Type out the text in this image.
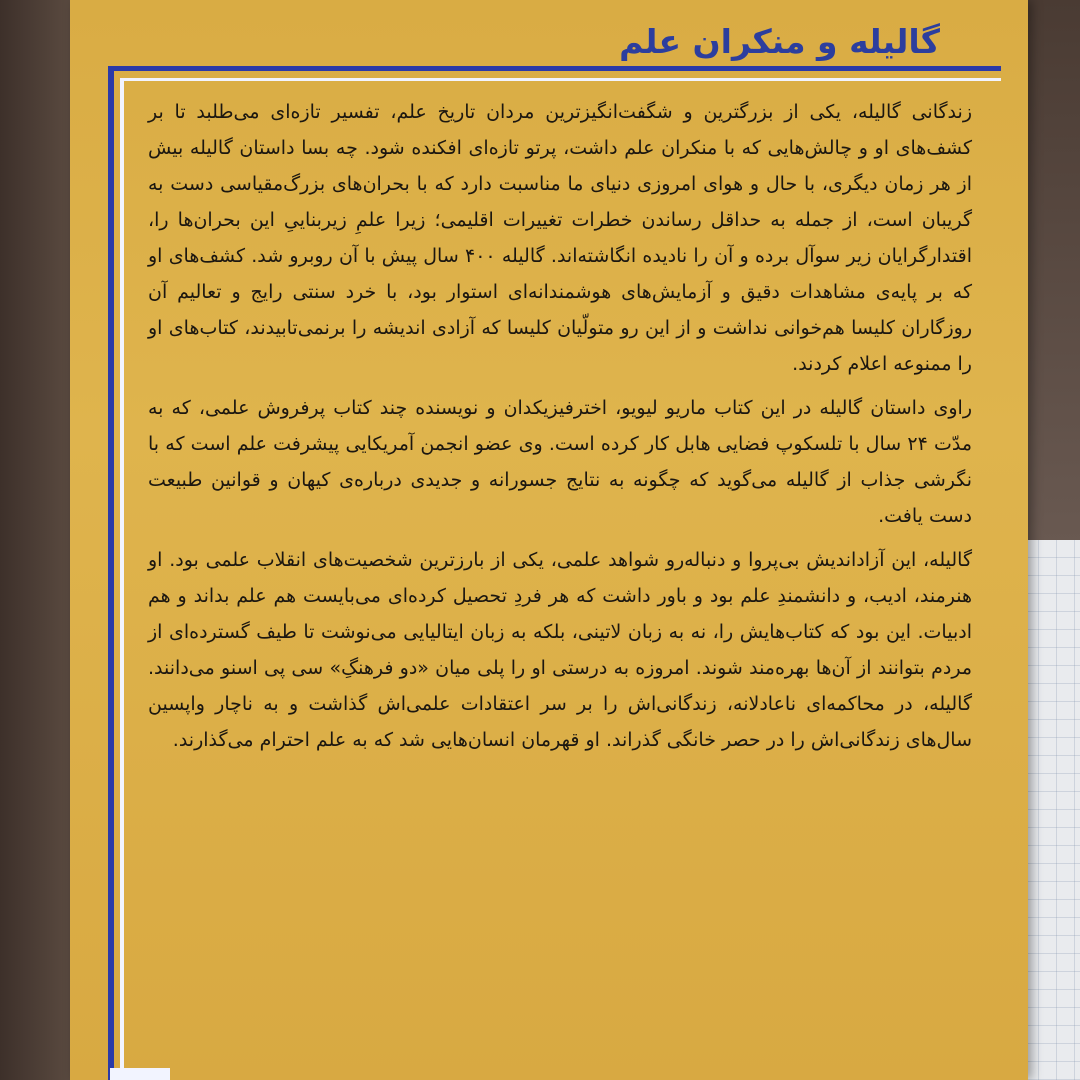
گالیله و منکران علم

زندگانی گالیله، یکی از بزرگترین و شگفت‌انگیزترین مردان تاریخ علم، تفسیر تازه‌ای می‌طلبد تا بر کشف‌های او و چالش‌هایی که با منکران علم داشت، پرتو تازه‌ای افکنده شود. چه بسا داستان گالیله بیش از هر زمان دیگری، با حال و هوای امروزی دنیای ما مناسبت دارد که با بحران‌های بزرگ‌مقیاسی دست به گریبان است، از جمله به حداقل رساندن خطرات تغییرات اقلیمی؛ زیرا علمِ زیربناییِ این بحران‌ها را، اقتدارگرایان زیر سوآل برده و آن را نادیده انگاشته‌اند. گالیله ۴۰۰ سال پیش با آن روبرو شد. کشف‌های او که بر پایه‌ی مشاهدات دقیق و آزمایش‌های هوشمندانه‌ای استوار بود، با خرد سنتی رایج و تعالیم آن روزگاران کلیسا هم‌خوانی نداشت و از این رو متولّیان کلیسا که آزادی اندیشه را برنمی‌تابیدند، کتاب‌های او را ممنوعه اعلام کردند.

راوی داستان گالیله در این کتاب ماریو لیویو، اخترفیزیکدان و نویسنده چند کتاب پرفروش علمی، که به مدّت ۲۴ سال با تلسکوپ فضایی هابل کار کرده است. وی عضو انجمن آمریکایی پیشرفت علم است که با نگرشی جذاب از گالیله می‌گوید که چگونه به نتایج جسورانه و جدیدی درباره‌ی کیهان و قوانین طبیعت دست یافت.

گالیله، این آزاداندیش بی‌پروا و دنباله‌رو شواهد علمی، یکی از بارزترین شخصیت‌های انقلاب علمی بود. او هنرمند، ادیب، و دانشمندِ علم بود و باور داشت که هر فردِ تحصیل کرده‌ای می‌بایست هم علم بداند و هم ادبیات. این بود که کتاب‌هایش را، نه به زبان لاتینی، بلکه به زبان ایتالیایی می‌نوشت تا طیف گسترده‌ای از مردم بتوانند از آن‌ها بهره‌مند شوند. امروزه به درستی او را پلی میان «دو فرهنگِ» سی پی اسنو می‌دانند. گالیله، در محاکمه‌ای ناعادلانه، زندگانی‌اش را بر سر اعتقادات علمی‌اش گذاشت و به ناچار واپسین سال‌های زندگانی‌اش را در حصر خانگی گذراند. او قهرمان انسان‌هایی شد که به علم احترام می‌گذارند.
